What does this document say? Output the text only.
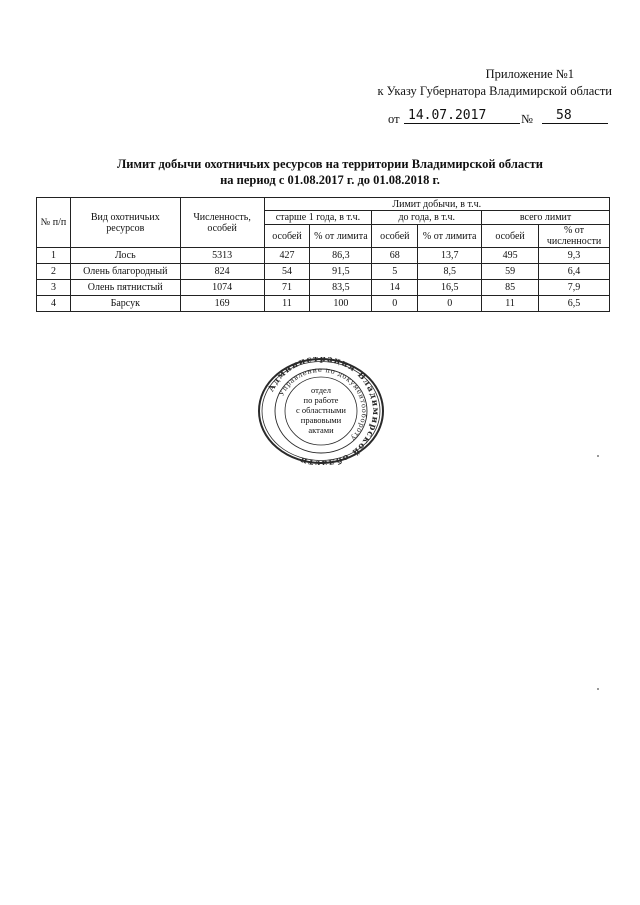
Приложение №1
к Указу Губернатора Владимирской области
от 14.07.2017	№	58
Лимит добычи охотничьих ресурсов на территории Владимирской области
на период с 01.08.2017 г. до 01.08.2018 г.
№ п/п	Вид охотничьих ресурсов	Численность, особей	Лимит добычи, в т.ч.					
			старше 1 года, в т.ч.		до года, в т.ч.		всего лимит	
			особей	% от лимита	особей	% от лимита	особей	% от численности
1	Лось	5313	427	86,3	68	13,7	495	9,3
2	Олень благородный	824	54	91,5	5	8,5	59	6,4
3	Олень пятнистый	1074	71	83,5	14	16,5	85	7,9
4	Барсук	169	11	100	0	0	11	6,5
Администрация Владимирской области
Управление по документообороту
отдел
по работе
с областными
правовыми
актами
